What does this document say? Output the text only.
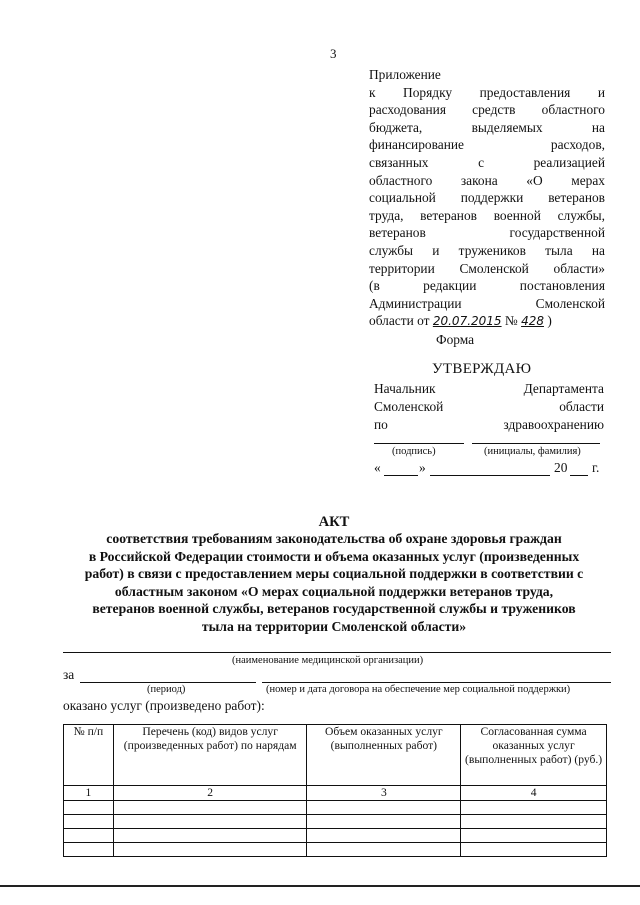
3
Приложение
к Порядку предоставления и
расходования средств областного
бюджета, выделяемых на
финансирование расходов,
связанных с реализацией
областного закона «О мерах
социальной поддержки ветеранов
труда, ветеранов военной службы,
ветеранов государственной
службы и тружеников тыла на
территории Смоленской области»
(в редакции постановления
Администрации Смоленской
области от 20.07.2015 № 428 )
Форма
УТВЕРЖДАЮ
Начальник	Департамента
Смоленской	области
по	здравоохранению
(подпись)	(инициалы, фамилия)
«	»	20 г.
АКТ
соответствия требованиям законодательства об охране здоровья граждан
в Российской Федерации стоимости и объема оказанных услуг (произведенных
работ) в связи с предоставлением меры социальной поддержки в соответствии с
областным законом «О мерах социальной поддержки ветеранов труда,
ветеранов военной службы, ветеранов государственной службы и тружеников
тыла на территории Смоленской области»
(наименование медицинской организации)
за
(период)	(номер и дата договора на обеспечение мер социальной поддержки)
оказано услуг (произведено работ):
№ п/п	Перечень (код) видов услуг (произведенных работ) по нарядам	Объем оказанных услуг (выполненных работ)	Согласованная сумма оказанных услуг (выполненных работ) (руб.)
1	2	3	4
